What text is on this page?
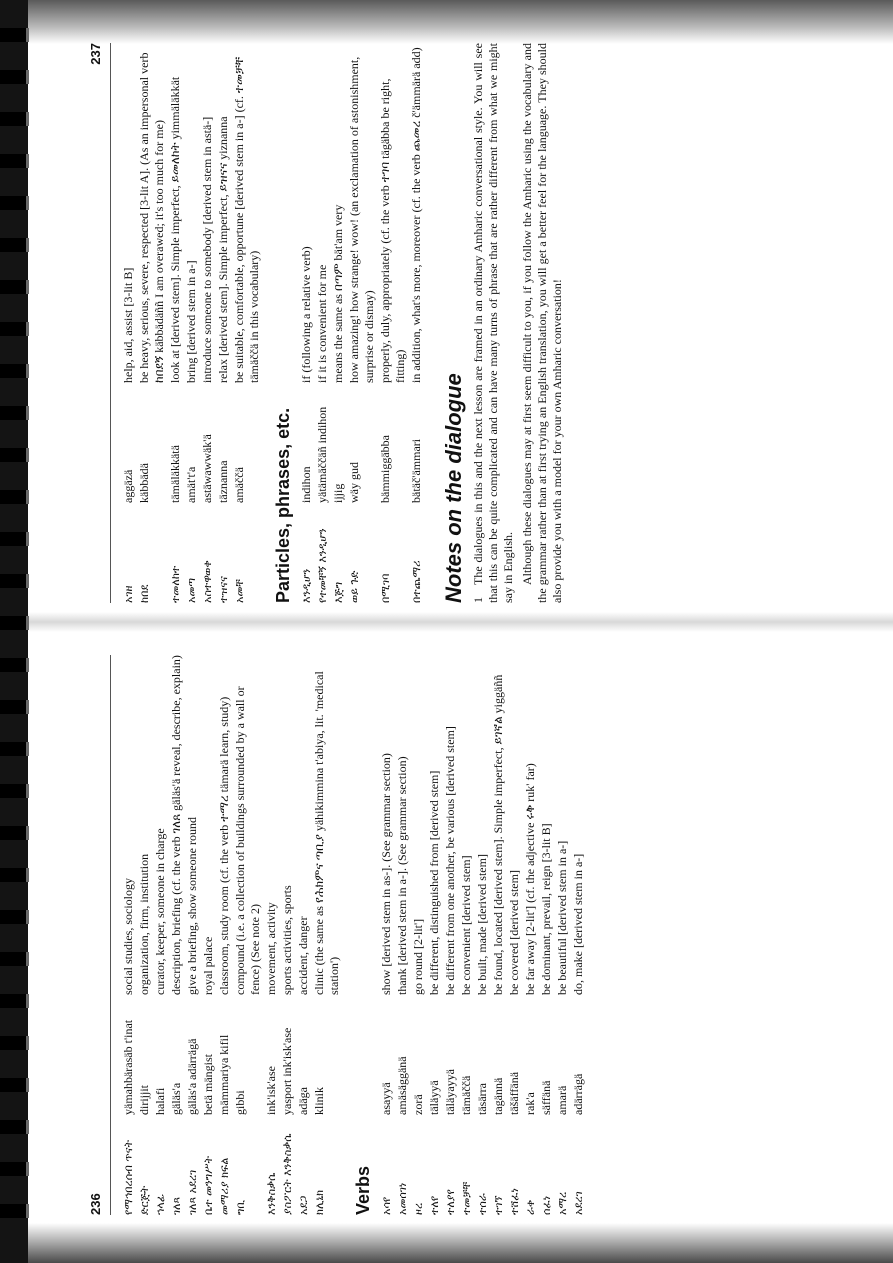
236 የማኅበረሰብ ጥናት
yämahbärasäb t'inat
social studies, sociology
ድርጅት
dirijjit
organization, firm, institution
ኀላፊ
halafi
curator, keeper, someone in charge
ገለጻ
gäläs'a
description, briefing (cf. the verb ገለጸ gäläs'ä reveal, describe, explain)
ገለጻ አደረገ
gäläs'a adärrägä
give a briefing, show someone round
ቤተ መንግሥት
betä mängist
royal palace
መማሪያ ክፍል
mämmariya kifil
classroom, study room (cf. the verb ተማረ tämarä learn, study)
ግቢ
gibbi
compound (i.e. a collection of buildings surrounded by a wall or fence) (See note 2)
እንቅስቃሴ
ink'isk'ase
movement, activity
ያስፖርት እንቅስቃሴ
yasport ink'isk'ase
sports activities, sports
አደጋ
adäga
accident, danger
ክሊኒክ
klinik
clinic (the same as የሕክምና ጣቢያ yähikimmina t'abiya, lit. 'medical station')
Verbs አሳየ
asayyä
show [derived stem in as-]. (See grammar section)
አመሰገነ
amäsäggänä
thank [derived stem in a-]. (See grammar section)
ዞረ
zorä
go round [2-lit']
ተለየ
täläyyä
be different, distinguished from [derived stem]
ተለያየ
täläyayyä
be different from one another, be various [derived stem]
ተመቻቸ
tämäččä
be convenient [derived stem]
ተሰራ
täsärra
be built, made [derived stem]
ተገኘ
tagännä
be found, located [derived stem]. Simple imperfect, ይገኛል yiggäññ
ተሸፈነ
täšäffänä
be covered [derived stem]
ራቀ
rak'a
be far away [2-lit'] (cf. the adjective ሩቅ ruk' far)
ሰፈነ
säffänä
be dominant, prevail, reign [3-lit B]
አማረ
amarä
be beautiful [derived stem in a-]
አደረገ
adärrägä
do, make [derived stem in a-]
237
አገዘ
aggäzä
help, aid, assist [3-lit B]
ከበደ
käbbädä
be heavy, serious, severe, respected [3-lit A]. (As an impersonal verb ከበደኝ käbbädäññ I am overawed; it's too much for me)
ተመለከተ
tämäläkkätä
look at [derived stem]. Simple imperfect, ይመለከት yimmäläkkät
አመጣ
amät't'a
bring [derived stem in a-]
አስተዋወቀ
astäwawwäk'ä
introduce someone to somebody [derived stem in astä-]
ተዝናና
täznanna
relax [derived stem]. Simple imperfect, ይዝናና yiznanna
አመቸ
amäččä
be suitable, comfortable, opportune [derived stem in a-] (cf. ተመቻቸ tämäččä in this vocabulary)
Particles, phrases, etc. እንዲሆን
indihon
if (following a relative verb)
የተመቸኝ እንዲሆን
yätämäččäñ indihon
if it is convenient for me
እጅግ
ijjig
means the same as በጣም bät'am very
ወይ ጉድ
wäy gud
how amazing! how strange! wow! (an exclamation of astonishment, surprise or dismay)
በሚገባ
bämmiggäbba
properly, duly, appropriately (cf. the verb ተገባ tägäbba be right, fitting)
በተጨማሪ
bätäč'ämmari
in addition, what's more, moreover (cf. the verb ጨመረ č'ämmärä add)
Notes on the dialogue 1The dialogues in this and the next lesson are framed in an ordinary Amharic conversational style. You will see that this can be quite complicated and can have many turns of phrase that are rather different from what we might say in English. Although these dialogues may at first seem difficult to you, if you follow the Amharic using the vocabulary and the grammar rather than at first trying an English translation, you will get a better feel for the language. They should also provide you with a model for your own Amharic conversation!
